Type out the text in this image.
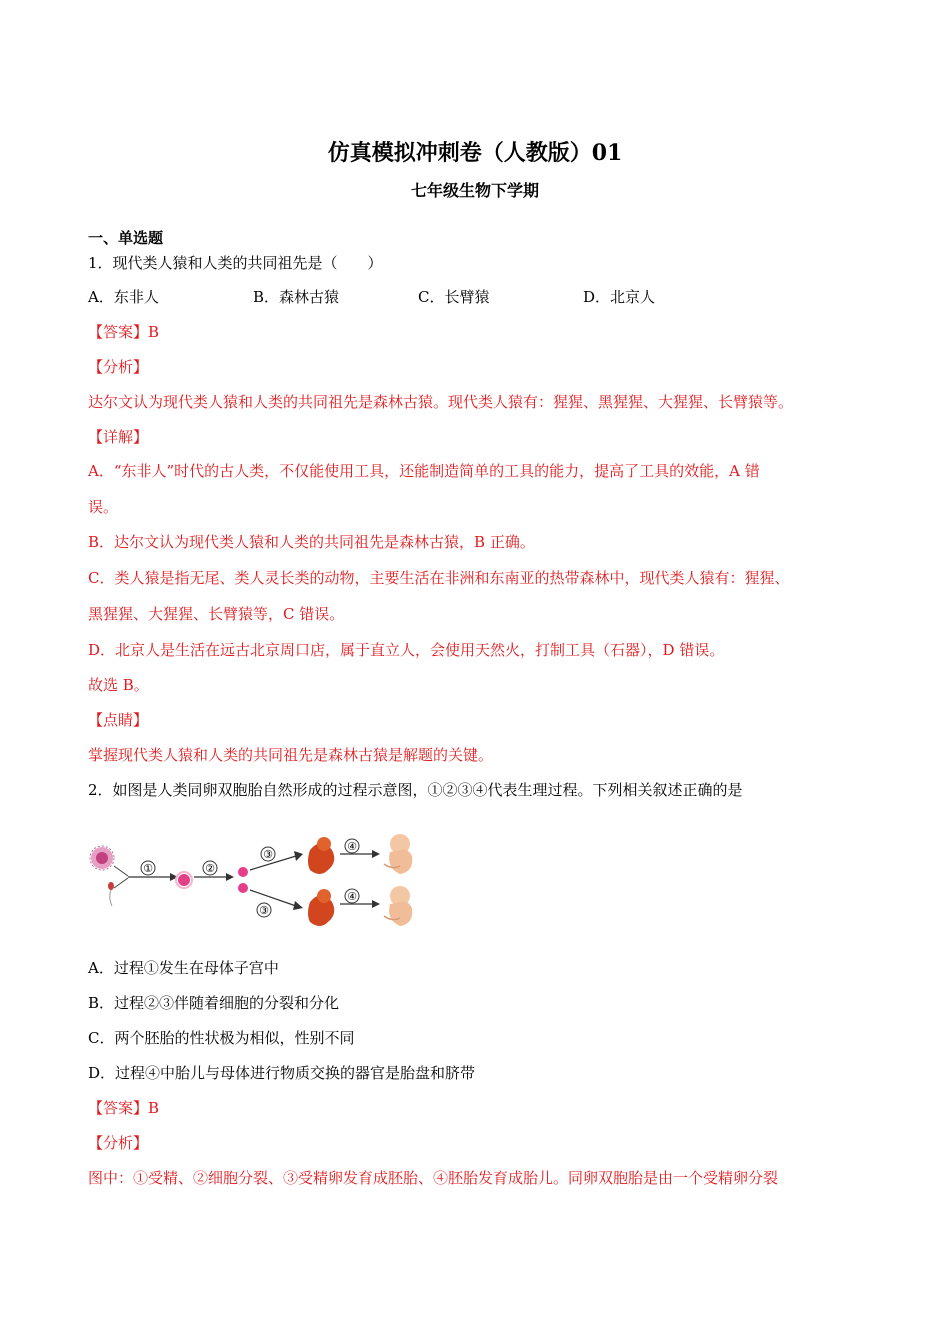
仿真模拟冲刺卷（人教版）01
七年级生物下学期
一、单选题
1．现代类人猿和人类的共同祖先是（　　）
A．东非人	B．森林古猿	C．长臂猿	D．北京人
【答案】B
【分析】
达尔文认为现代类人猿和人类的共同祖先是森林古猿。现代类人猿有：猩猩、黑猩猩、大猩猩、长臂猿等。
【详解】
A．“东非人”时代的古人类，不仅能使用工具，还能制造简单的工具的能力，提高了工具的效能，A 错
误。
B．达尔文认为现代类人猿和人类的共同祖先是森林古猿，B 正确。
C．类人猿是指无尾、类人灵长类的动物，主要生活在非洲和东南亚的热带森林中，现代类人猿有：猩猩、
黑猩猩、大猩猩、长臂猿等，C 错误。
D．北京人是生活在远古北京周口店，属于直立人，会使用天然火，打制工具（石器），D 错误。
故选 B。
【点睛】
掌握现代类人猿和人类的共同祖先是森林古猿是解题的关键。
2．如图是人类同卵双胞胎自然形成的过程示意图，①②③④代表生理过程。下列相关叙述正确的是
①	②
③
③
④
④
A．过程①发生在母体子宫中
B．过程②③伴随着细胞的分裂和分化
C．两个胚胎的性状极为相似，性别不同
D．过程④中胎儿与母体进行物质交换的器官是胎盘和脐带
【答案】B
【分析】
图中：①受精、②细胞分裂、③受精卵发育成胚胎、④胚胎发育成胎儿。同卵双胞胎是由一个受精卵分裂
